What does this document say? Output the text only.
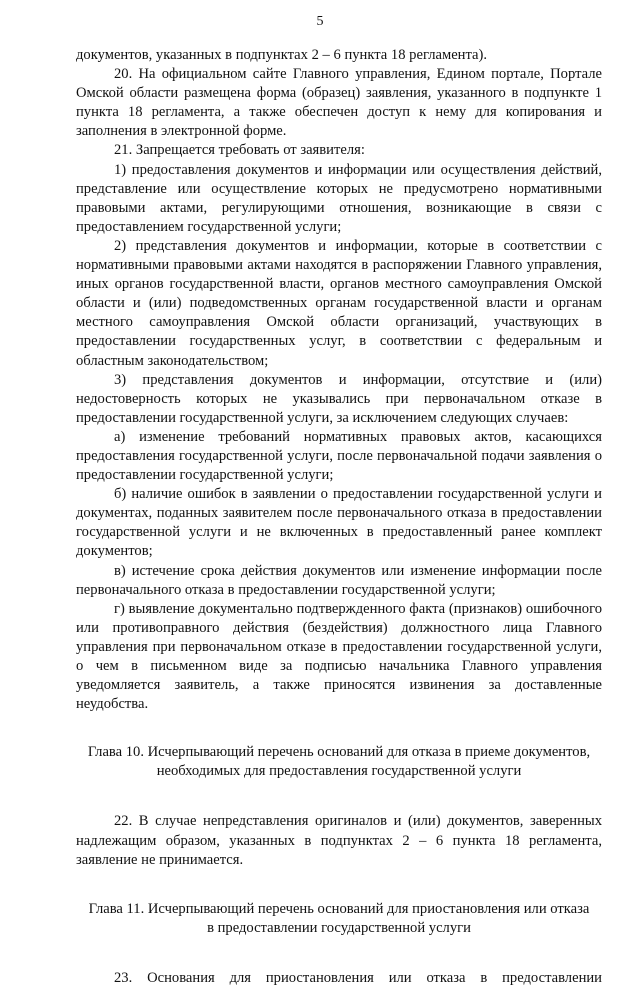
5

документов, указанных в подпунктах 2 – 6 пункта 18 регламента).

20. На официальном сайте Главного управления, Едином портале, Портале Омской области размещена форма (образец) заявления, указанного в подпункте 1 пункта 18 регламента, а также обеспечен доступ к нему для копирования и заполнения в электронной форме.

21. Запрещается требовать от заявителя:

1) предоставления документов и информации или осуществления действий, представление или осуществление которых не предусмотрено нормативными правовыми актами, регулирующими отношения, возникающие в связи с предоставлением государственной услуги;

2) представления документов и информации, которые в соответствии с нормативными правовыми актами находятся в распоряжении Главного управления, иных органов государственной власти, органов местного самоуправления Омской области и (или) подведомственных органам государственной власти и органам местного самоуправления Омской области организаций, участвующих в предоставлении государственных услуг, в соответствии с федеральным и областным законодательством;

3) представления документов и информации, отсутствие и (или) недостоверность которых не указывались при первоначальном отказе в предоставлении государственной услуги, за исключением следующих случаев:

а) изменение требований нормативных правовых актов, касающихся предоставления государственной услуги, после первоначальной подачи заявления о предоставлении государственной услуги;

б) наличие ошибок в заявлении о предоставлении государственной услуги и документах, поданных заявителем после первоначального отказа в предоставлении государственной услуги и не включенных в предоставленный ранее комплект документов;

в) истечение срока действия документов или изменение информации после первоначального отказа в предоставлении государственной услуги;

г) выявление документально подтвержденного факта (признаков) ошибочного или противоправного действия (бездействия) должностного лица Главного управления при первоначальном отказе в предоставлении государственной услуги, о чем в письменном виде за подписью начальника Главного управления уведомляется заявитель, а также приносятся извинения за доставленные неудобства.

Глава 10. Исчерпывающий перечень оснований для отказа в приеме документов,

необходимых для предоставления государственной услуги

22. В случае непредставления оригиналов и (или) документов, заверенных надлежащим образом, указанных в подпунктах 2 – 6 пункта 18 регламента, заявление не принимается.

Глава 11. Исчерпывающий перечень оснований для приостановления или отказа

в предоставлении государственной услуги

23. Основания для приостановления или отказа в предоставлении
